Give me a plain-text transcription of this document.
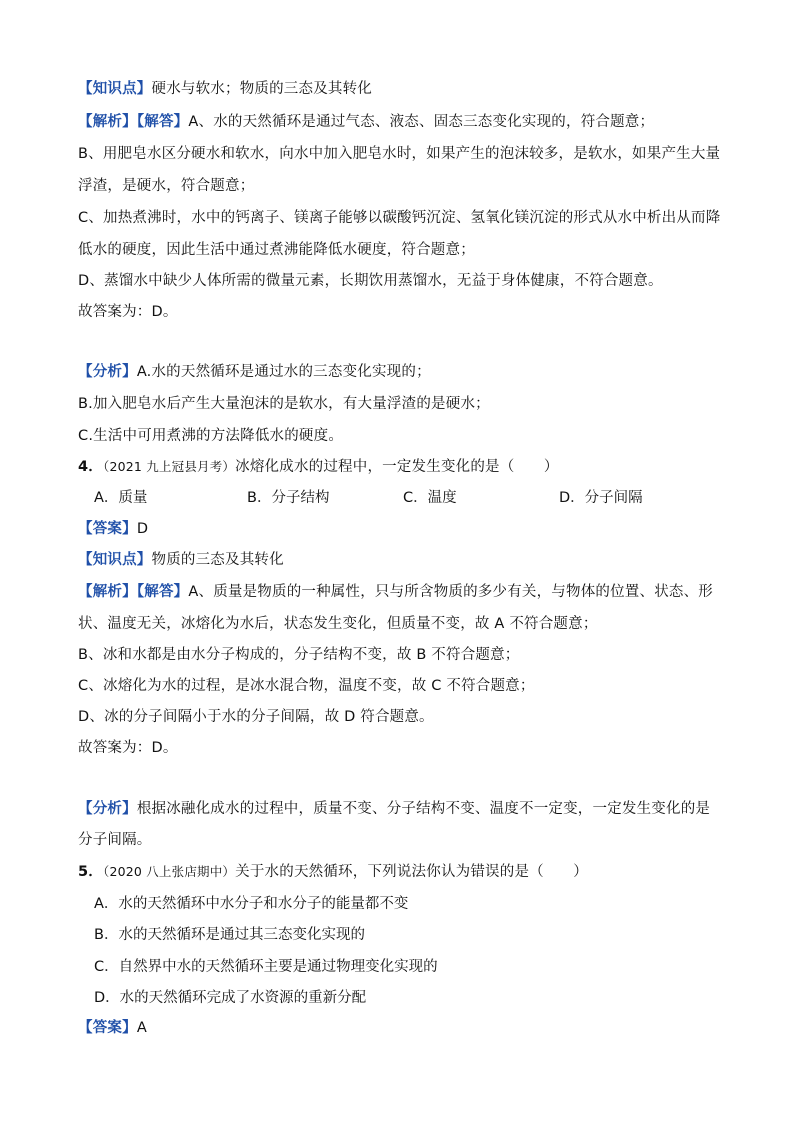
【知识点】硬水与软水；物质的三态及其转化
【解析】【解答】A、水的天然循环是通过气态、液态、固态三态变化实现的，符合题意；
B、用肥皂水区分硬水和软水，向水中加入肥皂水时，如果产生的泡沫较多，是软水，如果产生大量
浮渣，是硬水，符合题意；
C、加热煮沸时，水中的钙离子、镁离子能够以碳酸钙沉淀、氢氧化镁沉淀的形式从水中析出从而降
低水的硬度，因此生活中通过煮沸能降低水硬度，符合题意；
D、蒸馏水中缺少人体所需的微量元素，长期饮用蒸馏水，无益于身体健康，不符合题意。
故答案为：D。
【分析】A.水的天然循环是通过水的三态变化实现的；
B.加入肥皂水后产生大量泡沫的是软水，有大量浮渣的是硬水；
C.生活中可用煮沸的方法降低水的硬度。
4．（2021 九上冠县月考）冰熔化成水的过程中，一定发生变化的是（　　）
A．质量	B．分子结构	C．温度	D．分子间隔
【答案】D
【知识点】物质的三态及其转化
【解析】【解答】A、质量是物质的一种属性，只与所含物质的多少有关，与物体的位置、状态、形
状、温度无关，冰熔化为水后，状态发生变化，但质量不变，故 A 不符合题意；
B、冰和水都是由水分子构成的，分子结构不变，故 B 不符合题意；
C、冰熔化为水的过程，是冰水混合物，温度不变，故 C 不符合题意；
D、冰的分子间隔小于水的分子间隔，故 D 符合题意。
故答案为：D。
【分析】根据冰融化成水的过程中，质量不变、分子结构不变、温度不一定变，一定发生变化的是
分子间隔。
5．（2020 八上张店期中）关于水的天然循环，下列说法你认为错误的是（　　）
A．水的天然循环中水分子和水分子的能量都不变
B．水的天然循环是通过其三态变化实现的
C．自然界中水的天然循环主要是通过物理变化实现的
D．水的天然循环完成了水资源的重新分配
【答案】A
